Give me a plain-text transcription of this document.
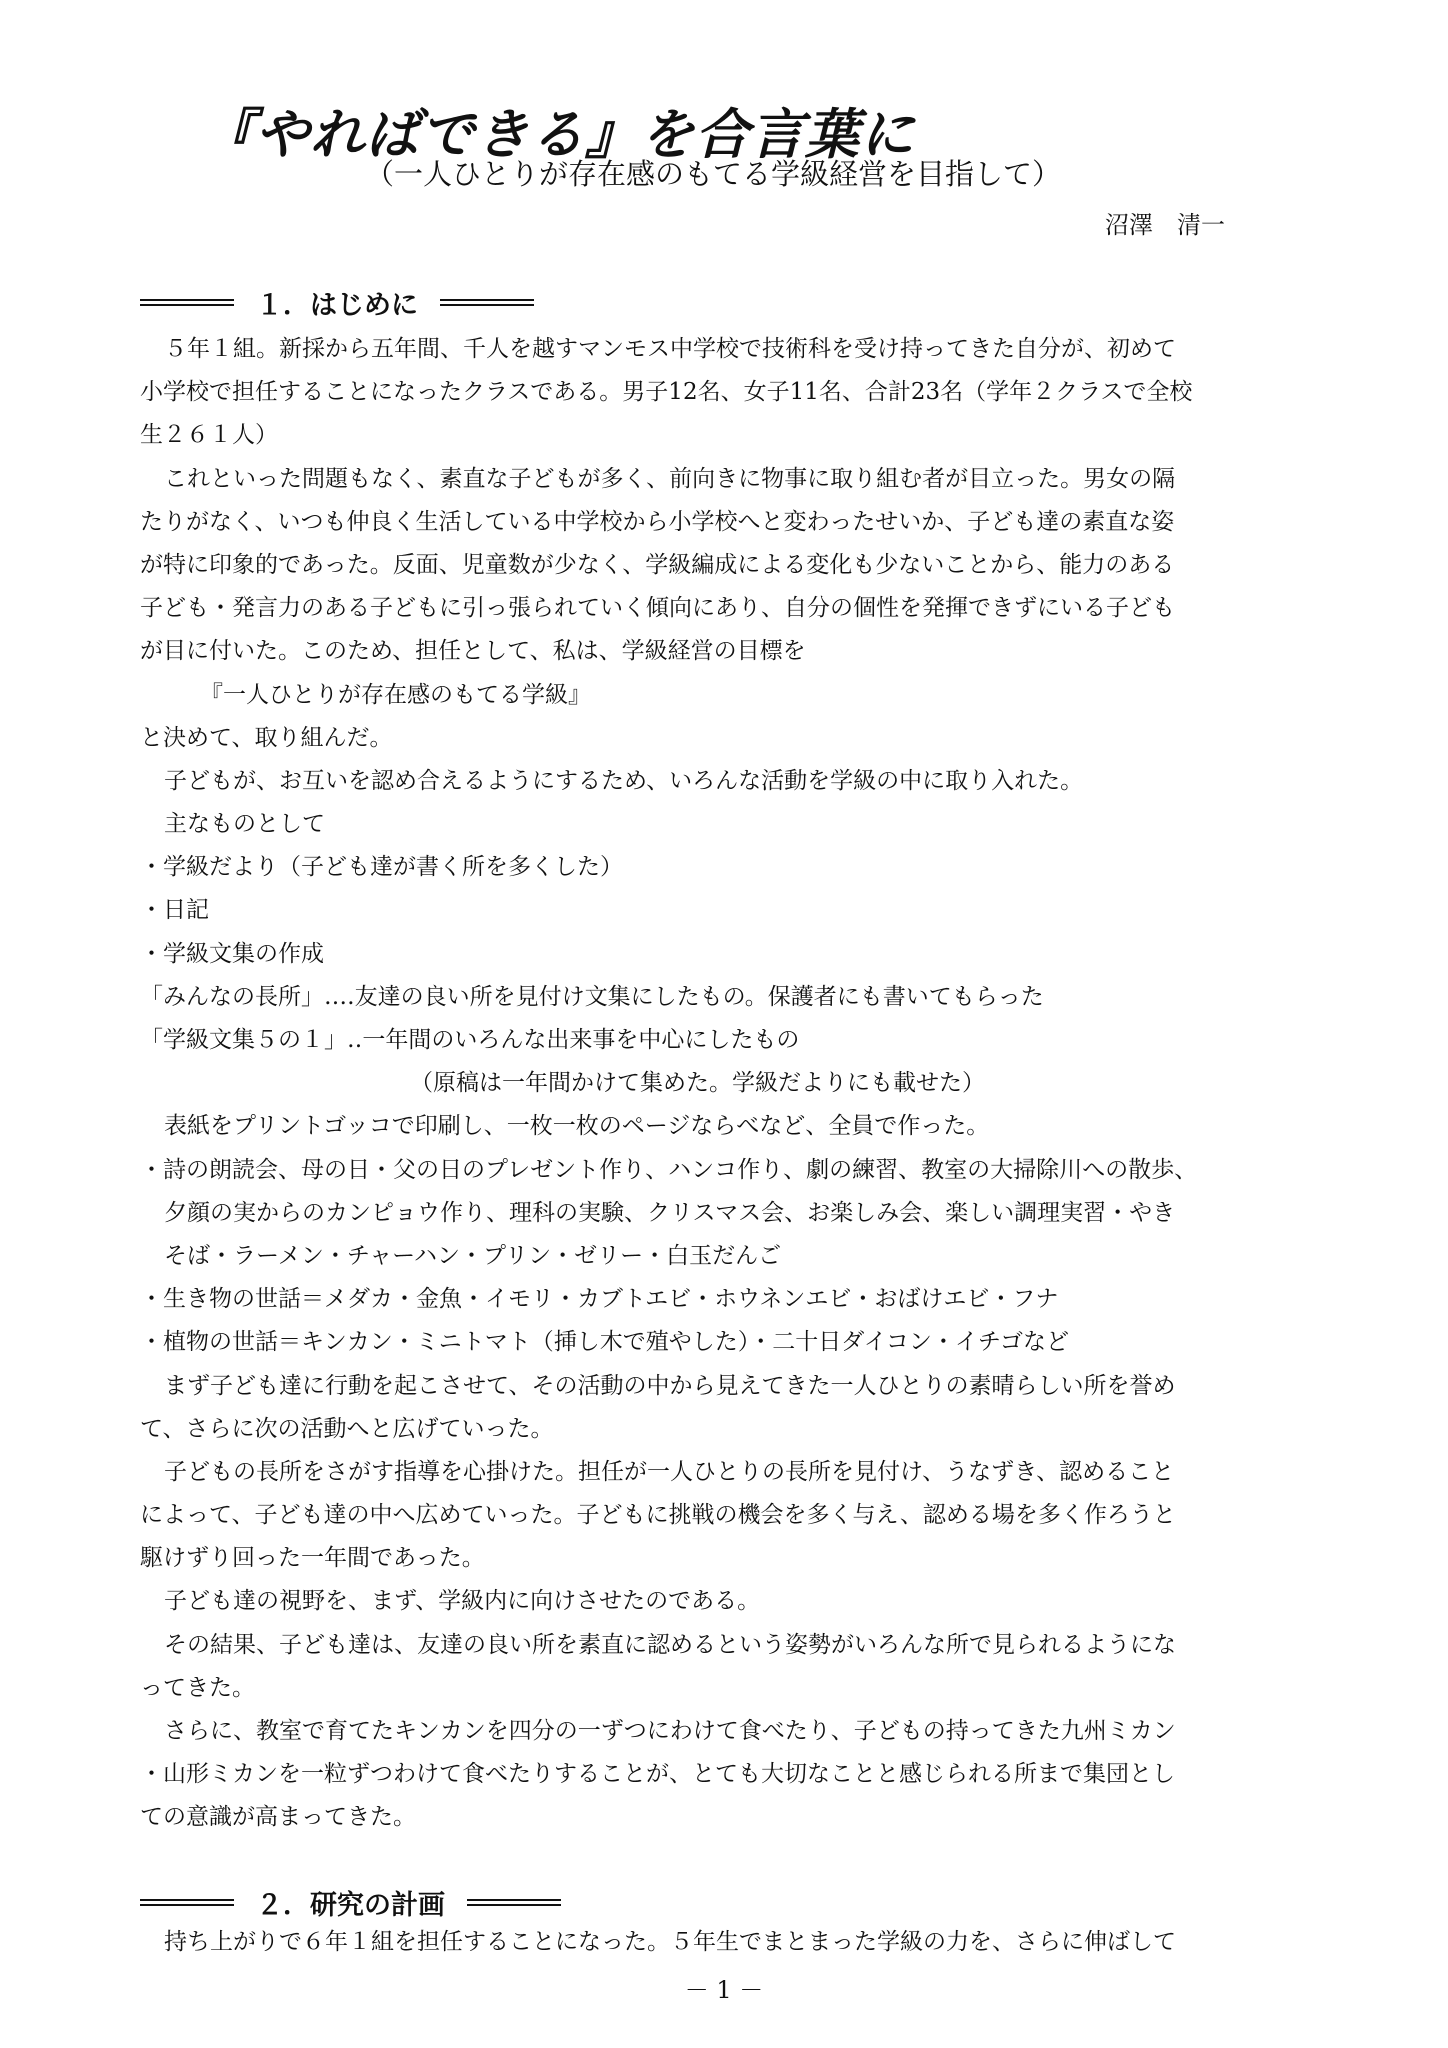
『やればできる』を合言葉に
（一人ひとりが存在感のもてる学級経営を目指して）
沼澤　清一
１．はじめに
５年１組。新採から五年間、千人を越すマンモス中学校で技術科を受け持ってきた自分が、初めて
小学校で担任することになったクラスである。男子12名、女子11名、合計23名（学年２クラスで全校
生２６１人）
これといった問題もなく、素直な子どもが多く、前向きに物事に取り組む者が目立った。男女の隔
たりがなく、いつも仲良く生活している中学校から小学校へと変わったせいか、子ども達の素直な姿
が特に印象的であった。反面、児童数が少なく、学級編成による変化も少ないことから、能力のある
子ども・発言力のある子どもに引っ張られていく傾向にあり、自分の個性を発揮できずにいる子ども
が目に付いた。このため、担任として、私は、学級経営の目標を
『一人ひとりが存在感のもてる学級』
と決めて、取り組んだ。
子どもが、お互いを認め合えるようにするため、いろんな活動を学級の中に取り入れた。
主なものとして
・学級だより（子ども達が書く所を多くした）
・日記
・学級文集の作成
「みんなの長所」‥‥友達の良い所を見付け文集にしたもの。保護者にも書いてもらった
「学級文集５の１」‥一年間のいろんな出来事を中心にしたもの
（原稿は一年間かけて集めた。学級だよりにも載せた）
表紙をプリントゴッコで印刷し、一枚一枚のページならべなど、全員で作った。
・詩の朗読会、母の日・父の日のプレゼント作り、ハンコ作り、劇の練習、教室の大掃除川への散歩、
夕顔の実からのカンピョウ作り、理科の実験、クリスマス会、お楽しみ会、楽しい調理実習・やき
そば・ラーメン・チャーハン・プリン・ゼリー・白玉だんご
・生き物の世話＝メダカ・金魚・イモリ・カブトエビ・ホウネンエビ・おばけエビ・フナ
・植物の世話＝キンカン・ミニトマト（挿し木で殖やした）・二十日ダイコン・イチゴなど
まず子ども達に行動を起こさせて、その活動の中から見えてきた一人ひとりの素晴らしい所を誉め
て、さらに次の活動へと広げていった。
子どもの長所をさがす指導を心掛けた。担任が一人ひとりの長所を見付け、うなずき、認めること
によって、子ども達の中へ広めていった。子どもに挑戦の機会を多く与え、認める場を多く作ろうと
駆けずり回った一年間であった。
子ども達の視野を、まず、学級内に向けさせたのである。
その結果、子ども達は、友達の良い所を素直に認めるという姿勢がいろんな所で見られるようにな
ってきた。
さらに、教室で育てたキンカンを四分の一ずつにわけて食べたり、子どもの持ってきた九州ミカン
・山形ミカンを一粒ずつわけて食べたりすることが、とても大切なことと感じられる所まで集団とし
ての意識が高まってきた。
２．研究の計画
持ち上がりで６年１組を担任することになった。５年生でまとまった学級の力を、さらに伸ばして
－ 1 －
